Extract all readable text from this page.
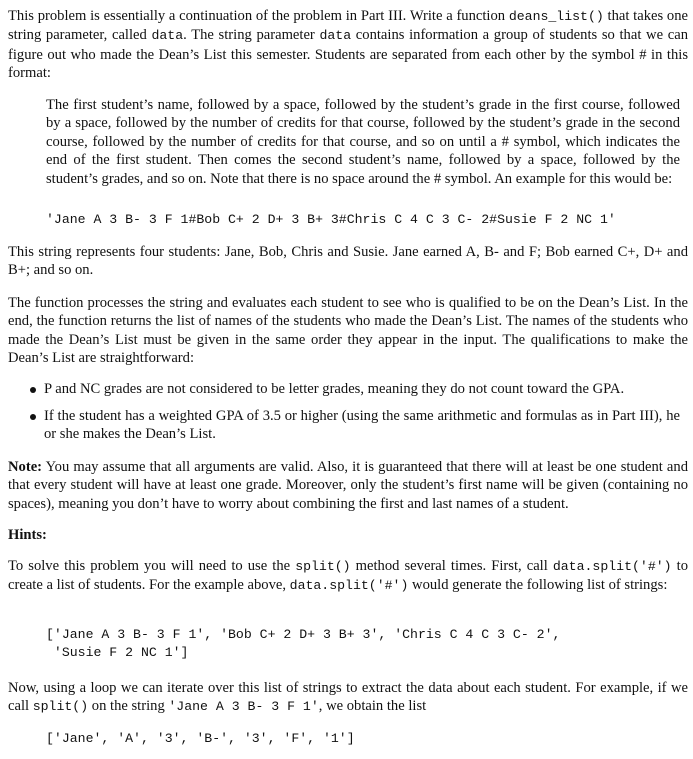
This problem is essentially a continuation of the problem in Part III. Write a function deans_list() that takes one string parameter, called data. The string parameter data contains information a group of students so that we can figure out who made the Dean’s List this semester. Students are separated from each other by the symbol # in this format:

The first student’s name, followed by a space, followed by the student’s grade in the first course, followed by a space, followed by the number of credits for that course, followed by the student’s grade in the second course, followed by the number of credits for that course, and so on until a # symbol, which indicates the end of the first student. Then comes the second student’s name, followed by a space, followed by the student’s grades, and so on. Note that there is no space around the # symbol. An example for this would be:

'Jane A 3 B- 3 F 1#Bob C+ 2 D+ 3 B+ 3#Chris C 4 C 3 C- 2#Susie F 2 NC 1'

This string represents four students: Jane, Bob, Chris and Susie. Jane earned A, B- and F; Bob earned C+, D+ and B+; and so on.

The function processes the string and evaluates each student to see who is qualified to be on the Dean’s List. In the end, the function returns the list of names of the students who made the Dean’s List. The names of the students who made the Dean’s List must be given in the same order they appear in the input. The qualifications to make the Dean’s List are straightforward:

P and NC grades are not considered to be letter grades, meaning they do not count toward the GPA.
If the student has a weighted GPA of 3.5 or higher (using the same arithmetic and formulas as in Part III), he or she makes the Dean’s List.

Note: You may assume that all arguments are valid. Also, it is guaranteed that there will at least be one student and that every student will have at least one grade. Moreover, only the student’s first name will be given (containing no spaces), meaning you don’t have to worry about combining the first and last names of a student.

Hints:

To solve this problem you will need to use the split() method several times. First, call data.split('#') to create a list of students. For the example above, data.split('#') would generate the following list of strings:

['Jane A 3 B- 3 F 1', 'Bob C+ 2 D+ 3 B+ 3', 'Chris C 4 C 3 C- 2',

'Susie F 2 NC 1']

Now, using a loop we can iterate over this list of strings to extract the data about each student. For example, if we call split() on the string 'Jane A 3 B- 3 F 1', we obtain the list

['Jane', 'A', '3', 'B-', '3', 'F', '1']
